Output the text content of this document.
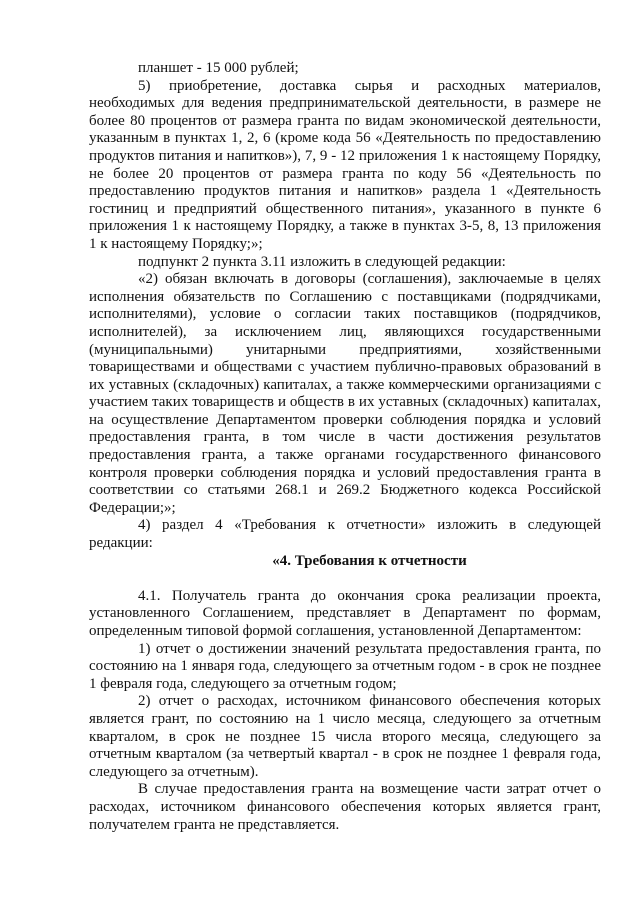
планшет - 15 000 рублей;

5) приобретение, доставка сырья и расходных материалов, необходимых для ведения предпринимательской деятельности, в размере не более 80 процентов от размера гранта по видам экономической деятельности, указанным в пунктах 1, 2, 6 (кроме кода 56 «Деятельность по предоставлению продуктов питания и напитков»), 7, 9 - 12 приложения 1 к настоящему Порядку, не более 20 процентов от размера гранта по коду 56 «Деятельность по предоставлению продуктов питания и напитков» раздела 1 «Деятельность гостиниц и предприятий общественного питания», указанного в пункте 6 приложения 1 к настоящему Порядку, а также в пунктах 3-5, 8, 13 приложения 1 к настоящему Порядку;»;

подпункт 2 пункта 3.11 изложить в следующей редакции:

«2) обязан включать в договоры (соглашения), заключаемые в целях исполнения обязательств по Соглашению с поставщиками (подрядчиками, исполнителями), условие о согласии таких поставщиков (подрядчиков, исполнителей), за исключением лиц, являющихся государственными (муниципальными) унитарными предприятиями, хозяйственными товариществами и обществами с участием публично-правовых образований в их уставных (складочных) капиталах, а также коммерческими организациями с участием таких товариществ и обществ в их уставных (складочных) капиталах, на осуществление Департаментом проверки соблюдения порядка и условий предоставления гранта, в том числе в части достижения результатов предоставления гранта, а также органами государственного финансового контроля проверки соблюдения порядка и условий предоставления гранта в соответствии со статьями 268.1 и 269.2 Бюджетного кодекса Российской Федерации;»;

4) раздел 4 «Требования к отчетности» изложить в следующей редакции:

«4. Требования к отчетности

4.1. Получатель гранта до окончания срока реализации проекта, установленного Соглашением, представляет в Департамент по формам, определенным типовой формой соглашения, установленной Департаментом:

1) отчет о достижении значений результата предоставления гранта, по состоянию на 1 января года, следующего за отчетным годом - в срок не позднее 1 февраля года, следующего за отчетным годом;

2) отчет о расходах, источником финансового обеспечения которых является грант, по состоянию на 1 число месяца, следующего за отчетным кварталом, в срок не позднее 15 числа второго месяца, следующего за отчетным кварталом (за четвертый квартал - в срок не позднее 1 февраля года, следующего за отчетным).

В случае предоставления гранта на возмещение части затрат отчет о расходах, источником финансового обеспечения которых является грант, получателем гранта не представляется.
